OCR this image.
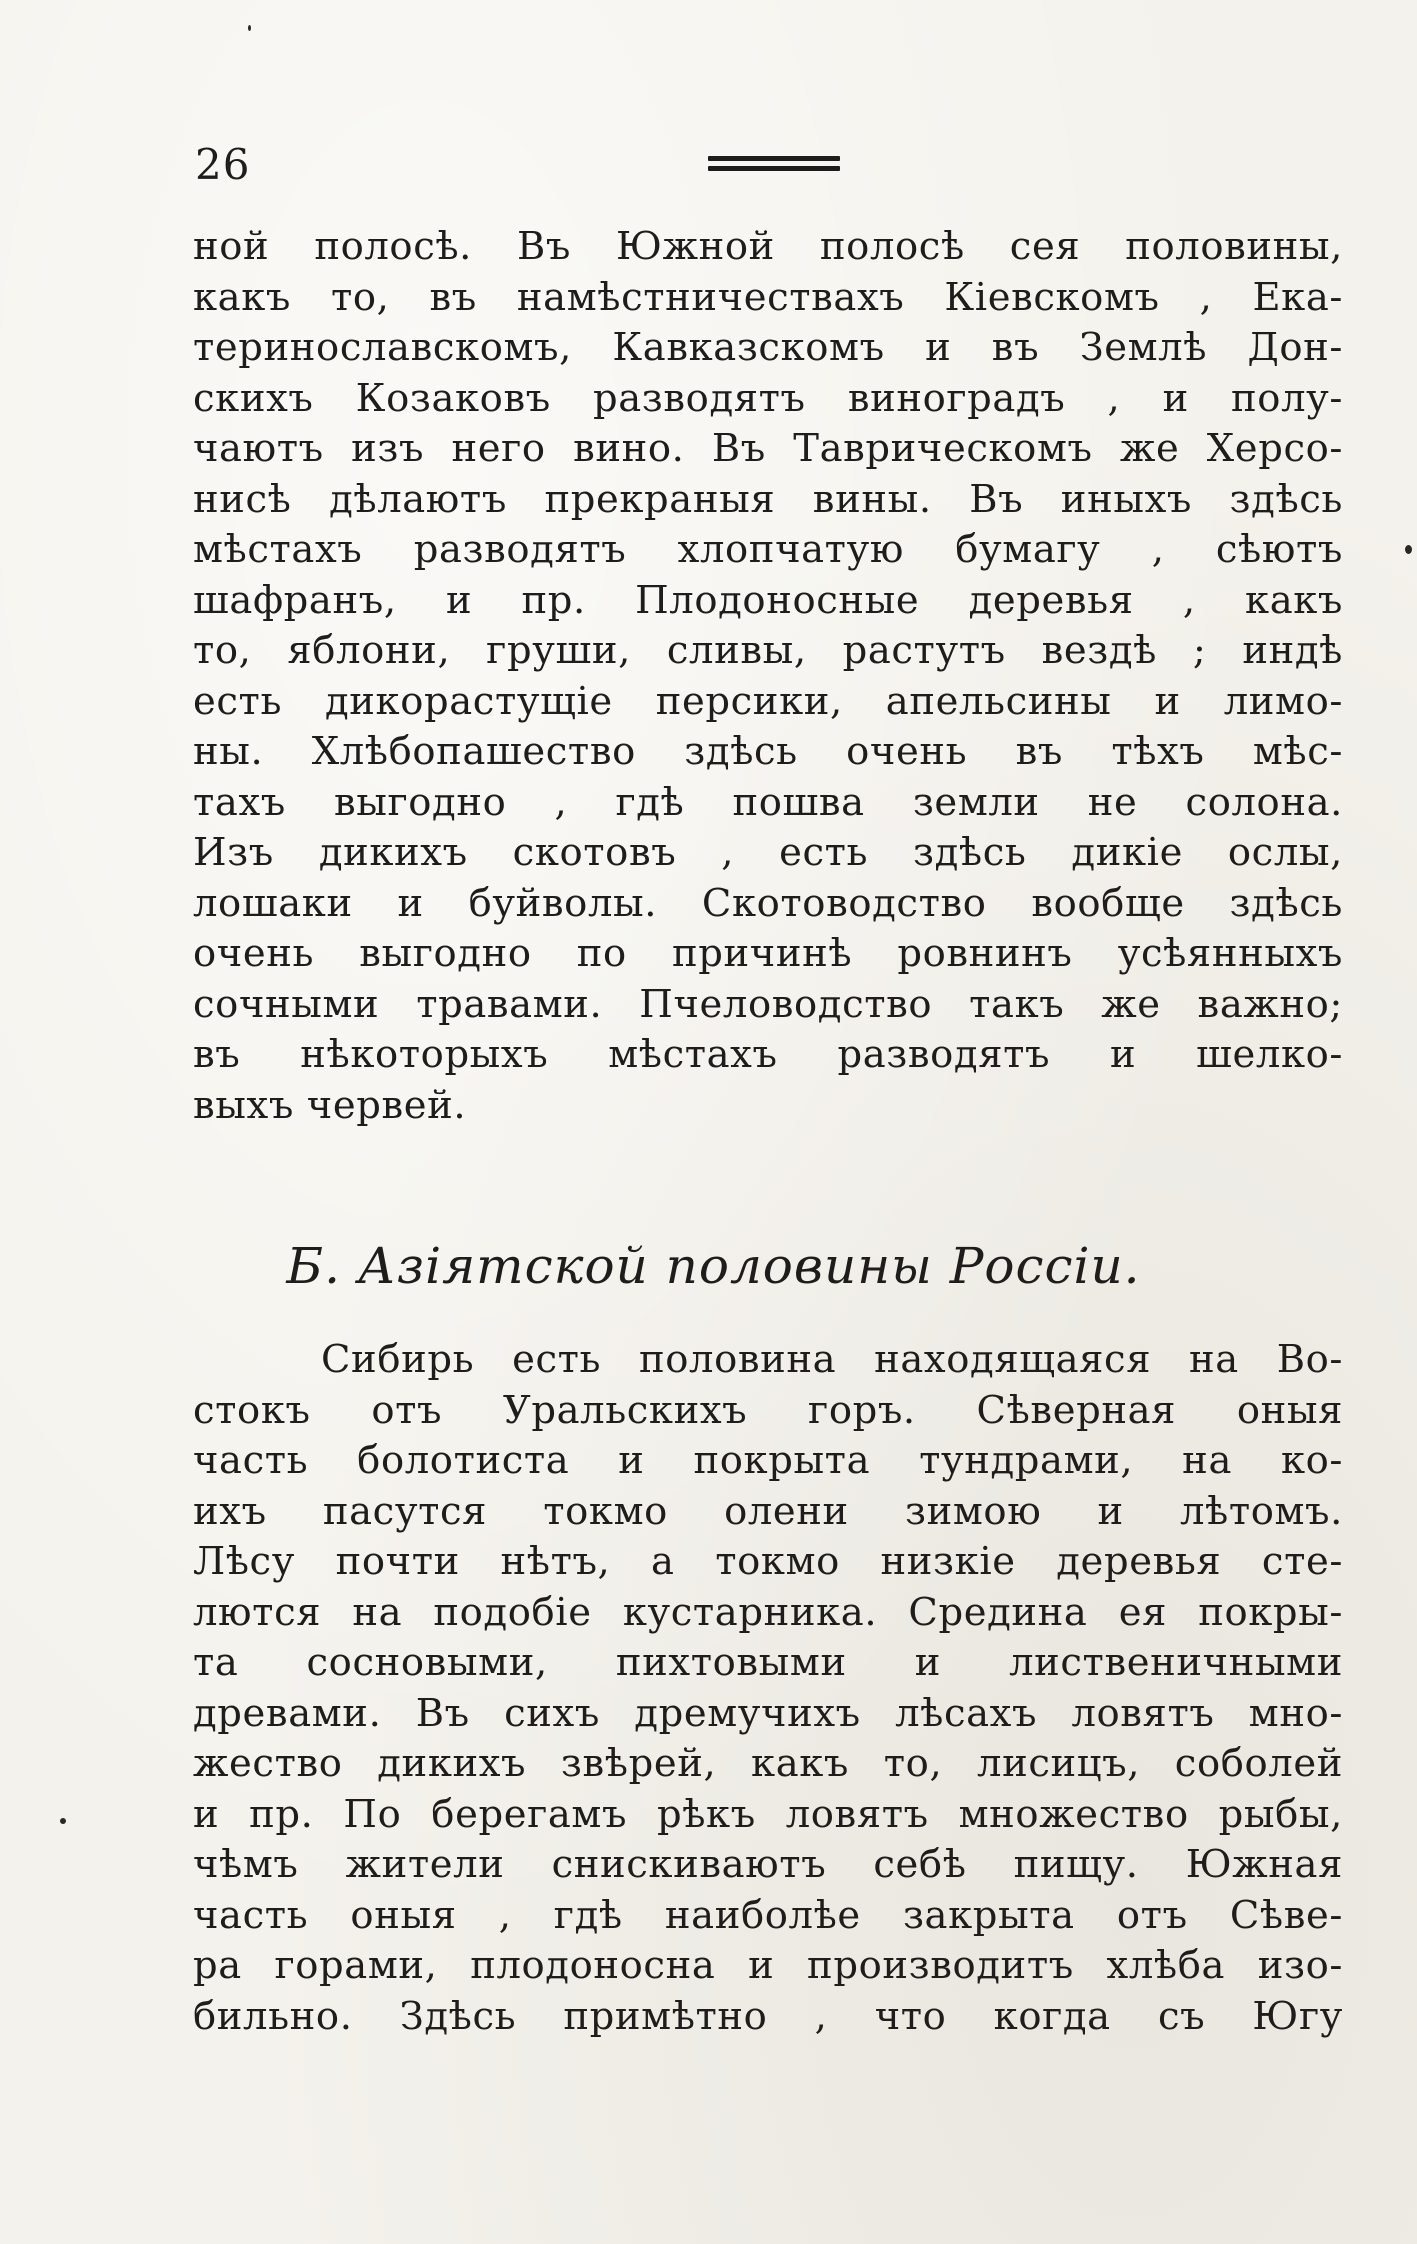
26

ной полосѣ. Въ Южной полосѣ сея половины,
какъ то, въ намѣстничествахъ Кіевскомъ , Ека-
теринославскомъ, Кавказскомъ и въ Землѣ Дон-
скихъ Козаковъ разводятъ виноградъ , и полу-
чаютъ изъ него вино. Въ Таврическомъ же Херсо-
нисѣ дѣлаютъ прекраныя вины. Въ иныхъ здѣсь
мѣстахъ разводятъ хлопчатую бумагу , сѣютъ
шафранъ, и пр. Плодоносные деревья , какъ
то, яблони, груши, сливы, растутъ вездѣ ; индѣ
есть дикорастущіе персики, апельсины и лимо-
ны. Хлѣбопашество здѣсь очень въ тѣхъ мѣс-
тахъ выгодно , гдѣ пошва земли не солона.
Изъ дикихъ скотовъ , есть здѣсь дикіе ослы,
лошаки и буйволы. Скотоводство вообще здѣсь
очень выгодно по причинѣ ровнинъ усѣянныхъ
сочными травами. Пчеловодство такъ же важно;
въ нѣкоторыхъ мѣстахъ разводятъ и шелко-
выхъ червей.

Б. Азіятской половины Россіи.

Сибирь есть половина находящаяся на Во-
стокъ отъ Уральскихъ горъ. Сѣверная оныя
часть болотиста и покрыта тундрами, на ко-
ихъ пасутся токмо олени зимою и лѣтомъ.
Лѣсу почти нѣтъ, а токмо низкіе деревья сте-
лются на подобіе кустарника. Средина ея покры-
та сосновыми, пихтовыми и лиственичными
древами. Въ сихъ дремучихъ лѣсахъ ловятъ мно-
жество дикихъ звѣрей, какъ то, лисицъ, соболей
и пр. По берегамъ рѣкъ ловятъ множество рыбы,
чѣмъ жители снискиваютъ себѣ пищу. Южная
часть оныя , гдѣ наиболѣе закрыта отъ Сѣве-
ра горами, плодоносна и производитъ хлѣба изо-
бильно. Здѣсь примѣтно , что когда съ Югу
